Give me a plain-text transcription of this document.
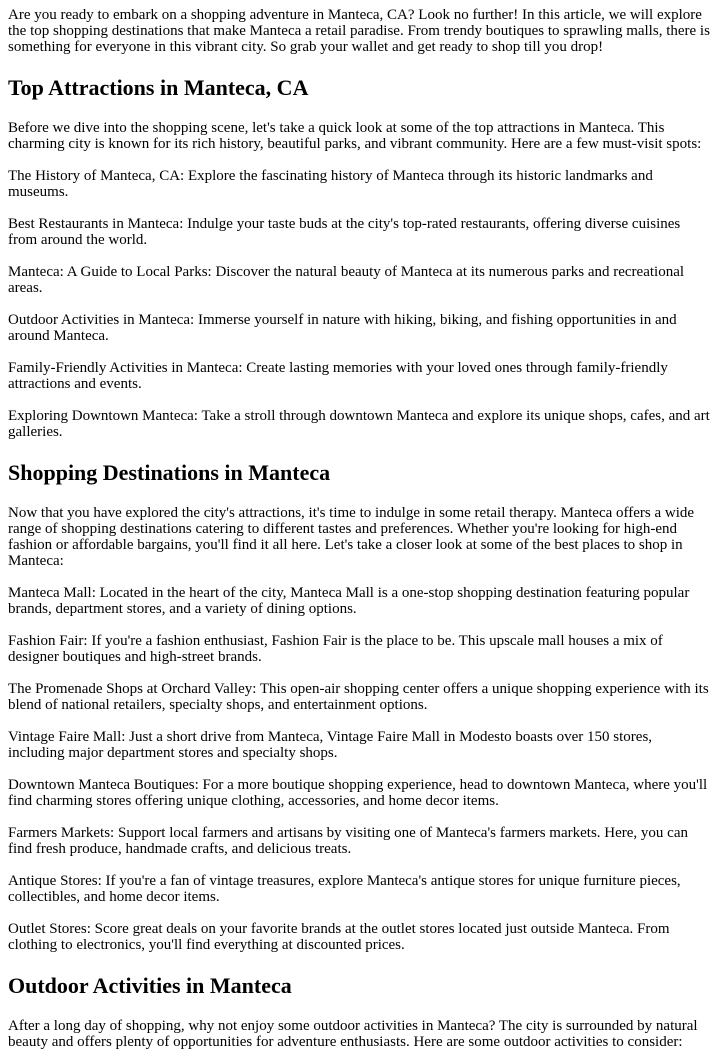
Are you ready to embark on a shopping adventure in Manteca, CA? Look no further! In this article, we will explore the top shopping destinations that make Manteca a retail paradise. From trendy boutiques to sprawling malls, there is something for everyone in this vibrant city. So grab your wallet and get ready to shop till you drop!

Top Attractions in Manteca, CA

Before we dive into the shopping scene, let's take a quick look at some of the top attractions in Manteca. This charming city is known for its rich history, beautiful parks, and vibrant community. Here are a few must-visit spots:

The History of Manteca, CA: Explore the fascinating history of Manteca through its historic landmarks and museums.

Best Restaurants in Manteca: Indulge your taste buds at the city's top-rated restaurants, offering diverse cuisines from around the world.

Manteca: A Guide to Local Parks: Discover the natural beauty of Manteca at its numerous parks and recreational areas.

Outdoor Activities in Manteca: Immerse yourself in nature with hiking, biking, and fishing opportunities in and around Manteca.

Family-Friendly Activities in Manteca: Create lasting memories with your loved ones through family-friendly attractions and events.

Exploring Downtown Manteca: Take a stroll through downtown Manteca and explore its unique shops, cafes, and art galleries.

Shopping Destinations in Manteca

Now that you have explored the city's attractions, it's time to indulge in some retail therapy. Manteca offers a wide range of shopping destinations catering to different tastes and preferences. Whether you're looking for high-end fashion or affordable bargains, you'll find it all here. Let's take a closer look at some of the best places to shop in Manteca:

Manteca Mall: Located in the heart of the city, Manteca Mall is a one-stop shopping destination featuring popular brands, department stores, and a variety of dining options.

Fashion Fair: If you're a fashion enthusiast, Fashion Fair is the place to be. This upscale mall houses a mix of designer boutiques and high-street brands.

The Promenade Shops at Orchard Valley: This open-air shopping center offers a unique shopping experience with its blend of national retailers, specialty shops, and entertainment options.

Vintage Faire Mall: Just a short drive from Manteca, Vintage Faire Mall in Modesto boasts over 150 stores, including major department stores and specialty shops.

Downtown Manteca Boutiques: For a more boutique shopping experience, head to downtown Manteca, where you'll find charming stores offering unique clothing, accessories, and home decor items.

Farmers Markets: Support local farmers and artisans by visiting one of Manteca's farmers markets. Here, you can find fresh produce, handmade crafts, and delicious treats.

Antique Stores: If you're a fan of vintage treasures, explore Manteca's antique stores for unique furniture pieces, collectibles, and home decor items.

Outlet Stores: Score great deals on your favorite brands at the outlet stores located just outside Manteca. From clothing to electronics, you'll find everything at discounted prices.

Outdoor Activities in Manteca

After a long day of shopping, why not enjoy some outdoor activities in Manteca? The city is surrounded by natural beauty and offers plenty of opportunities for adventure enthusiasts. Here are some outdoor activities to consider:
